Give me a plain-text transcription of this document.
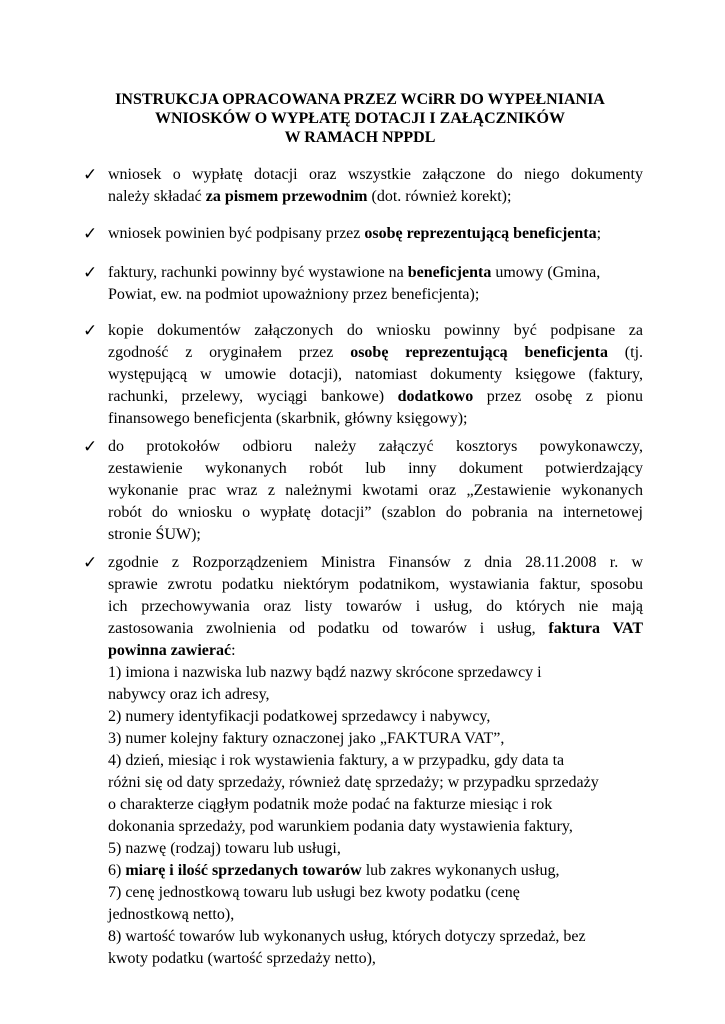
INSTRUKCJA OPRACOWANA PRZEZ WCiRR DO WYPEŁNIANIA
WNIOSKÓW O WYPŁATĘ DOTACJI I ZAŁĄCZNIKÓW
W RAMACH NPPDL
✓ wniosek o wypłatę dotacji oraz wszystkie załączone do niego dokumenty
należy składać za pismem przewodnim (dot. również korekt);
✓ wniosek powinien być podpisany przez osobę reprezentującą beneficjenta;
✓ faktury, rachunki powinny być wystawione na beneficjenta umowy (Gmina,
Powiat, ew. na podmiot upoważniony przez beneficjenta);
✓ kopie dokumentów załączonych do wniosku powinny być podpisane za
zgodność z oryginałem przez osobę reprezentującą beneficjenta (tj.
występującą w umowie dotacji), natomiast dokumenty księgowe (faktury,
rachunki, przelewy, wyciągi bankowe) dodatkowo przez osobę z pionu
finansowego beneficjenta (skarbnik, główny księgowy);
✓ do protokołów odbioru należy załączyć kosztorys powykonawczy,
zestawienie wykonanych robót lub inny dokument potwierdzający
wykonanie prac wraz z należnymi kwotami oraz „Zestawienie wykonanych
robót do wniosku o wypłatę dotacji” (szablon do pobrania na internetowej
stronie ŚUW);
✓ zgodnie z Rozporządzeniem Ministra Finansów z dnia 28.11.2008 r. w
sprawie zwrotu podatku niektórym podatnikom, wystawiania faktur, sposobu
ich przechowywania oraz listy towarów i usług, do których nie mają
zastosowania zwolnienia od podatku od towarów i usług, faktura VAT
powinna zawierać:
1) imiona i nazwiska lub nazwy bądź nazwy skrócone sprzedawcy i
nabywcy oraz ich adresy,
2) numery identyfikacji podatkowej sprzedawcy i nabywcy,
3) numer kolejny faktury oznaczonej jako „FAKTURA VAT”,
4) dzień, miesiąc i rok wystawienia faktury, a w przypadku, gdy data ta
różni się od daty sprzedaży, również datę sprzedaży; w przypadku sprzedaży
o charakterze ciągłym podatnik może podać na fakturze miesiąc i rok
dokonania sprzedaży, pod warunkiem podania daty wystawienia faktury,
5) nazwę (rodzaj) towaru lub usługi,
6) miarę i ilość sprzedanych towarów lub zakres wykonanych usług,
7) cenę jednostkową towaru lub usługi bez kwoty podatku (cenę
jednostkową netto),
8) wartość towarów lub wykonanych usług, których dotyczy sprzedaż, bez
kwoty podatku (wartość sprzedaży netto),
